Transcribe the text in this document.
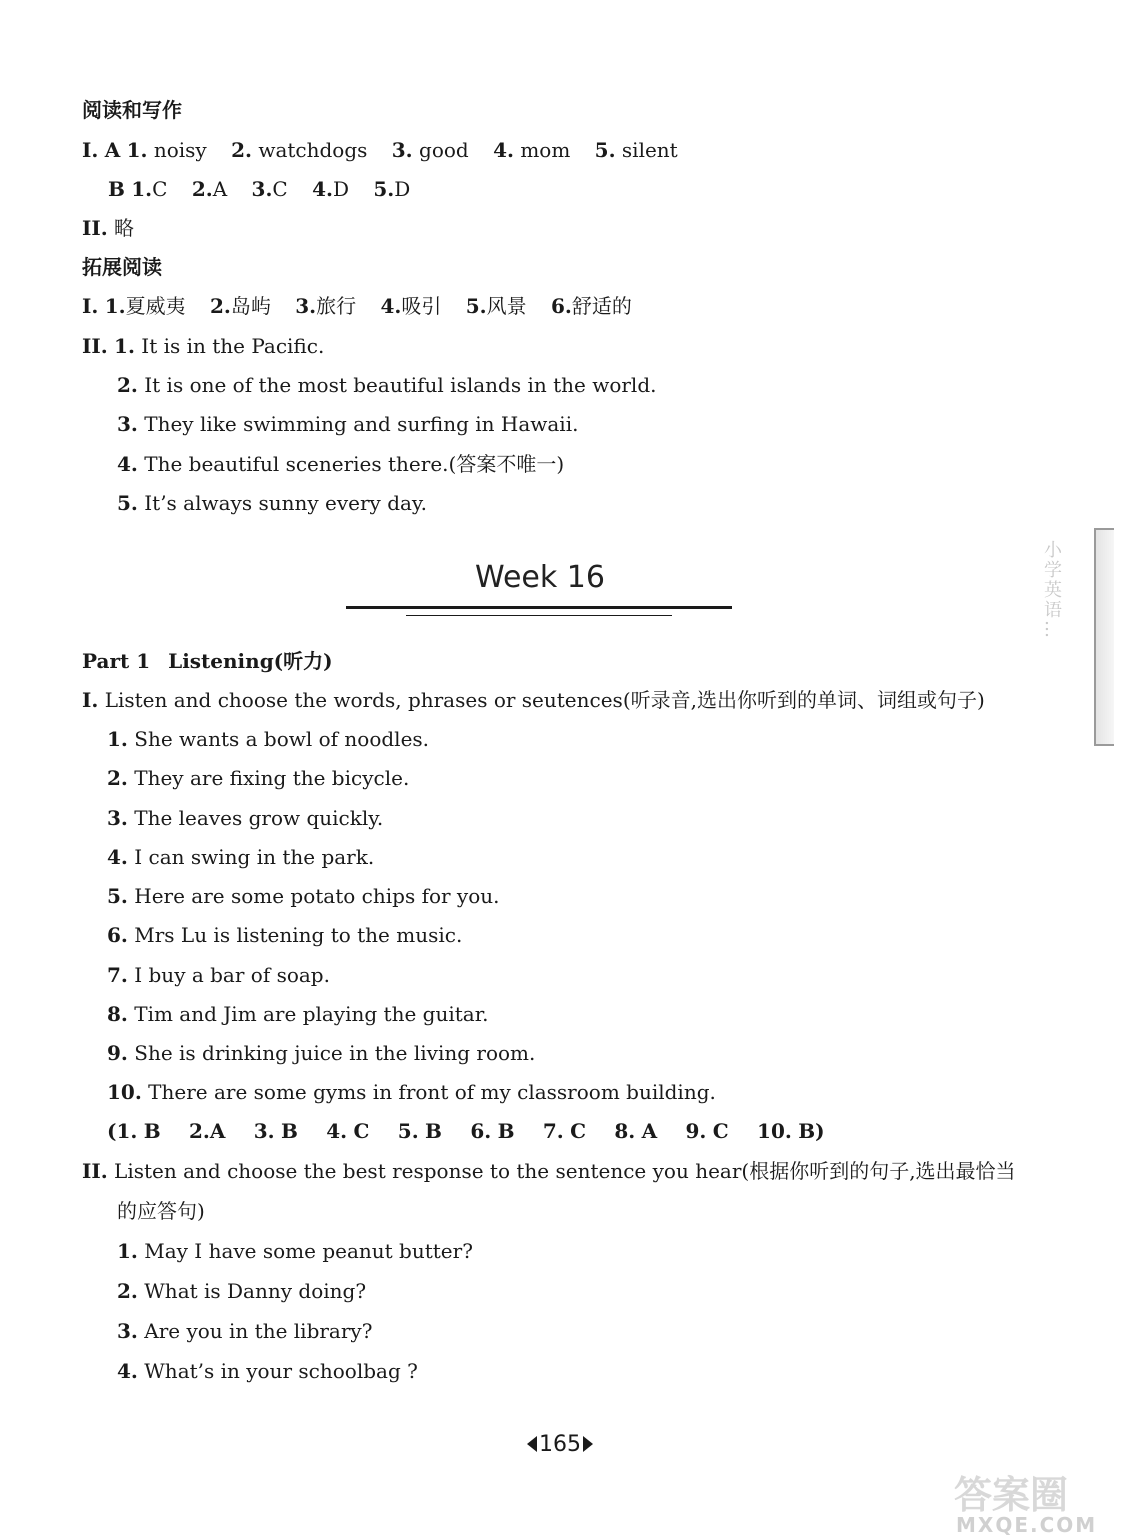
阅读和写作
I. A 1. noisy 2. watchdogs 3. good 4. mom 5. silent
B 1.C 2.A 3.C 4.D 5.D
II. 略
拓展阅读
I. 1.夏威夷 2.岛屿 3.旅行 4.吸引 5.风景 6.舒适的
II. 1. It is in the Pacific.
2. It is one of the most beautiful islands in the world.
3. They like swimming and surfing in Hawaii.
4. The beautiful sceneries there.(答案不唯一)
5. It’s always sunny every day.
Week 16
Part 1 Listening(听力)
I. Listen and choose the words, phrases or seutences(听录音,选出你听到的单词、词组或句子)
1. She wants a bowl of noodles.
2. They are fixing the bicycle.
3. The leaves grow quickly.
4. I can swing in the park.
5. Here are some potato chips for you.
6. Mrs Lu is listening to the music.
7. I buy a bar of soap.
8. Tim and Jim are playing the guitar.
9. She is drinking juice in the living room.
10. There are some gyms in front of my classroom building.
(1. B 2.A 3. B 4. C 5. B 6. B 7. C 8. A 9. C 10. B)
II. Listen and choose the best response to the sentence you hear(根据你听到的句子,选出最恰当
的应答句)
1. May I have some peanut butter?
2. What is Danny doing?
3. Are you in the library?
4. What’s in your schoolbag ?
小学英语…
165
答案圈
MXQE.COM
